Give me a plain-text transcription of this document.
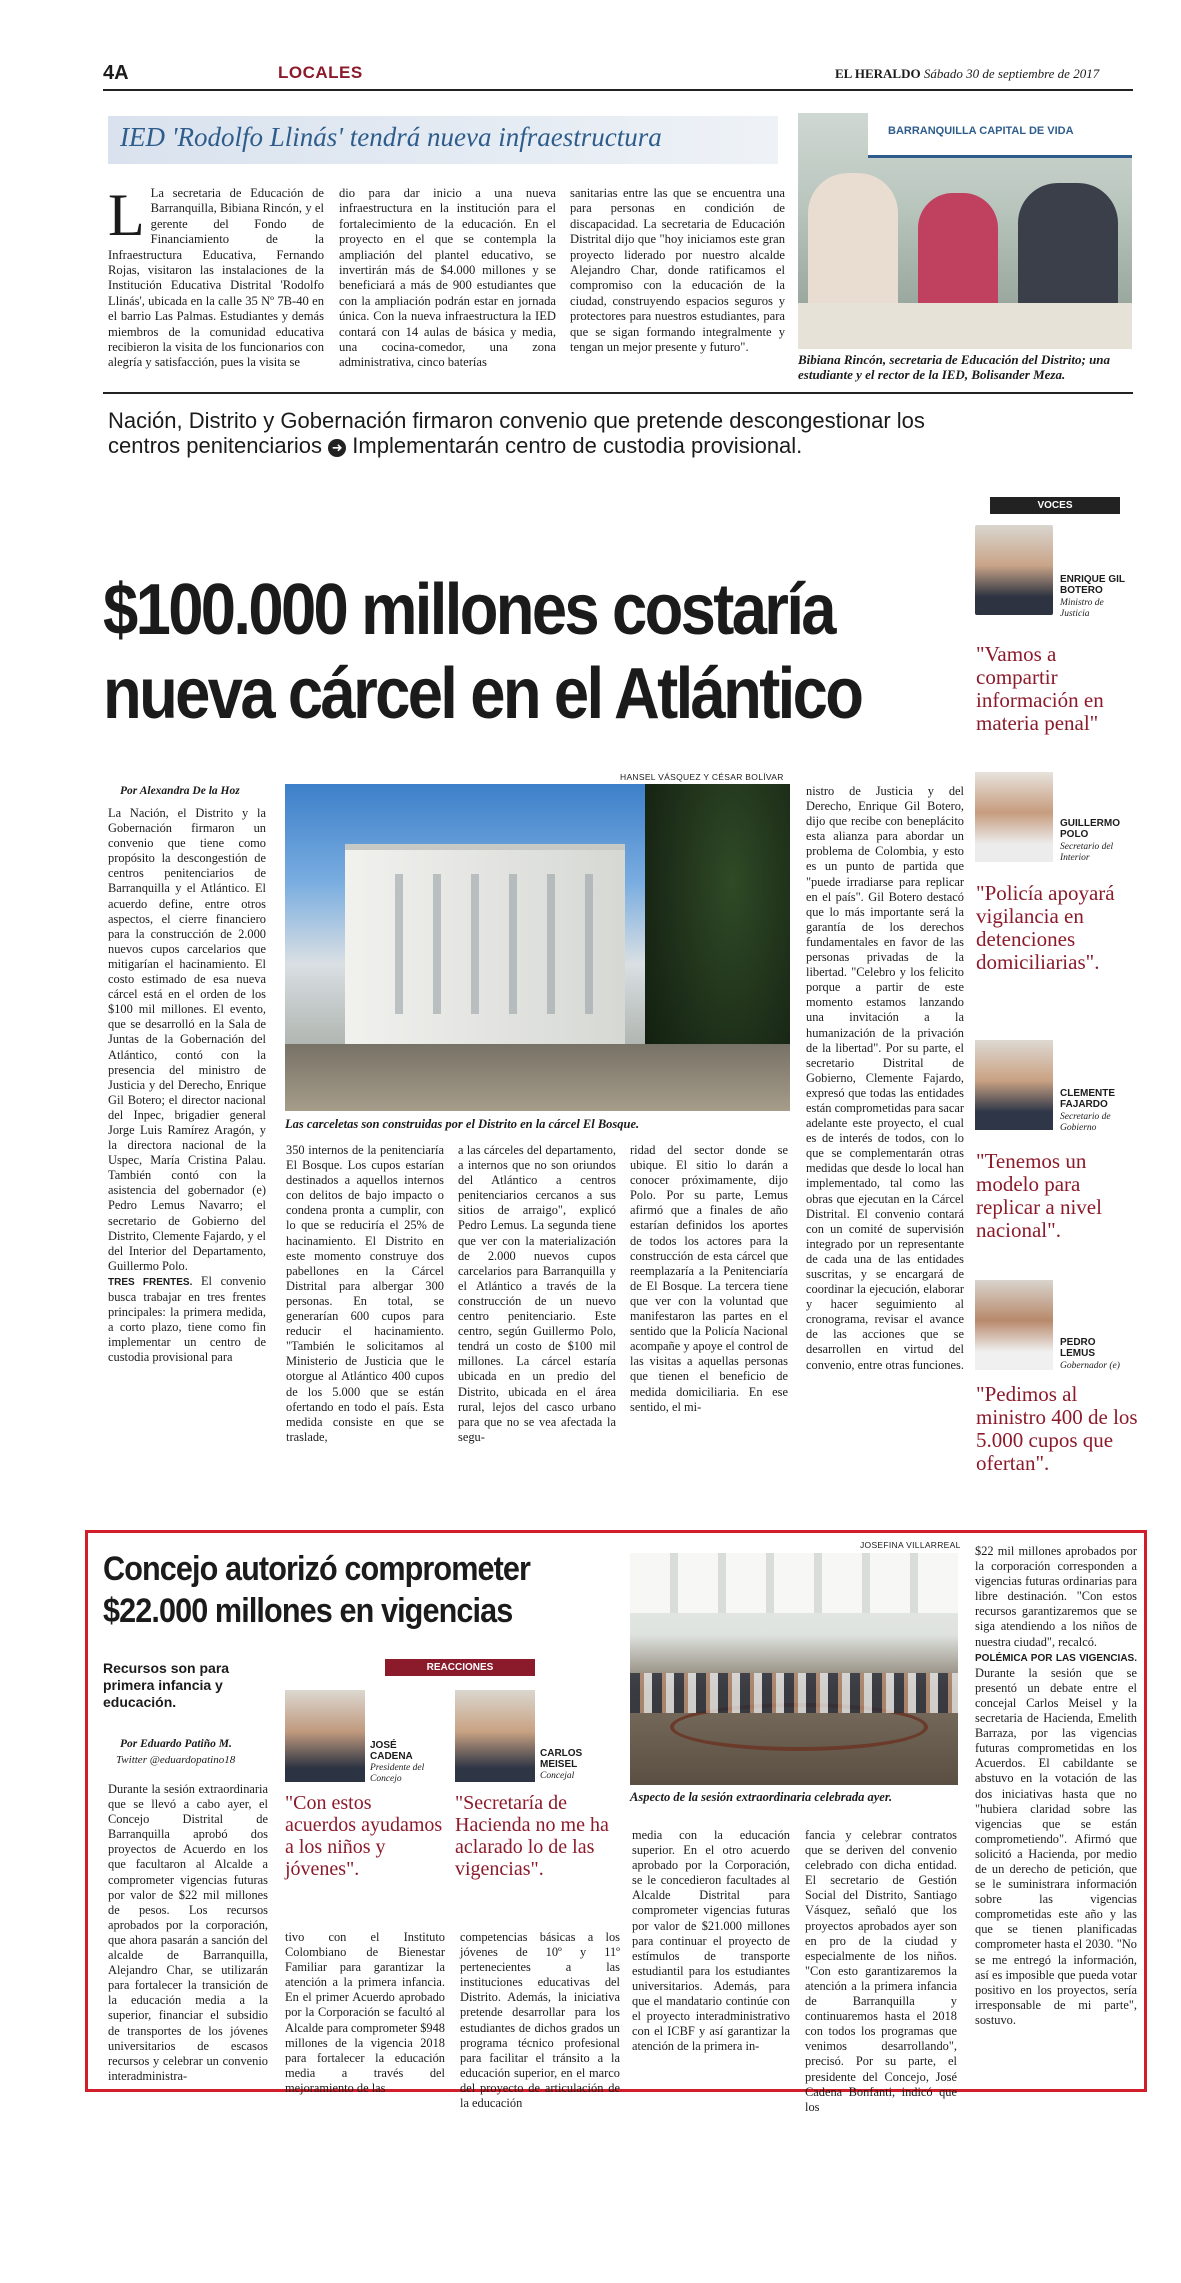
4A	LOCALES	EL HERALDO Sábado 30 de septiembre de 2017
IED 'Rodolfo Llinás' tendrá nueva infraestructura
L La secretaria de Educación de Barranquilla, Bibiana Rincón, y el gerente del Fondo de Financiamiento de la Infraestructura Educativa, Fernando Rojas, visitaron las instalaciones de la Institución Educativa Distrital 'Rodolfo Llinás', ubicada en la calle 35 Nº 7B-40 en el barrio Las Palmas. Estudiantes y demás miembros de la comunidad educativa recibieron la visita de los funcionarios con alegría y satisfacción, pues la visita se
dio para dar inicio a una nueva infraestructura en la institución para el fortalecimiento de la educación. En el proyecto en el que se contempla la ampliación del plantel educativo, se invertirán más de $4.000 millones y se beneficiará a más de 900 estudiantes que con la ampliación podrán estar en jornada única. Con la nueva infraestructura la IED contará con 14 aulas de básica y media, una cocina-comedor, una zona administrativa, cinco baterías
sanitarias entre las que se encuentra una para personas en condición de discapacidad. La secretaria de Educación Distrital dijo que "hoy iniciamos este gran proyecto liderado por nuestro alcalde Alejandro Char, donde ratificamos el compromiso con la educación de la ciudad, construyendo espacios seguros y protectores para nuestros estudiantes, para que se sigan formando integralmente y tengan un mejor presente y futuro".
BARRANQUILLA CAPITAL DE VIDA
Bibiana Rincón, secretaria de Educación del Distrito; una estudiante y el rector de la IED, Bolisander Meza.
Nación, Distrito y Gobernación firmaron convenio que pretende descongestionar los centros penitenciarios ➜ Implementarán centro de custodia provisional.
$100.000 millones costaría
nueva cárcel en el Atlántico
Por Alexandra De la Hoz
HANSEL VÁSQUEZ Y CÉSAR BOLÍVAR
La Nación, el Distrito y la Gobernación firmaron un convenio que tiene como propósito la descongestión de centros penitenciarios de Barranquilla y el Atlántico. El acuerdo define, entre otros aspectos, el cierre financiero para la construcción de 2.000 nuevos cupos carcelarios que mitigarían el hacinamiento. El costo estimado de esa nueva cárcel está en el orden de los $100 mil millones. El evento, que se desarrolló en la Sala de Juntas de la Gobernación del Atlántico, contó con la presencia del ministro de Justicia y del Derecho, Enrique Gil Botero; el director nacional del Inpec, brigadier general Jorge Luis Ramírez Aragón, y la directora nacional de la Uspec, María Cristina Palau. También contó con la asistencia del gobernador (e) Pedro Lemus Navarro; el secretario de Gobierno del Distrito, Clemente Fajardo, y el del Interior del Departamento, Guillermo Polo.
TRES FRENTES. El convenio busca trabajar en tres frentes principales: la primera medida, a corto plazo, tiene como fin implementar un centro de custodia provisional para
Las carceletas son construidas por el Distrito en la cárcel El Bosque.
350 internos de la penitenciaría El Bosque. Los cupos estarían destinados a aquellos internos con delitos de bajo impacto o condena pronta a cumplir, con lo que se reduciría el 25% de hacinamiento. El Distrito en este momento construye dos pabellones en la Cárcel Distrital para albergar 300 personas. En total, se generarían 600 cupos para reducir el hacinamiento. "También le solicitamos al Ministerio de Justicia que le otorgue al Atlántico 400 cupos de los 5.000 que se están ofertando en todo el país. Esta medida consiste en que se traslade,
a las cárceles del departamento, a internos que no son oriundos del Atlántico a centros penitenciarios cercanos a sus sitios de arraigo", explicó Pedro Lemus. La segunda tiene que ver con la materialización de 2.000 nuevos cupos carcelarios para Barranquilla y el Atlántico a través de la construcción de un nuevo centro penitenciario. Este centro, según Guillermo Polo, tendrá un costo de $100 mil millones. La cárcel estaría ubicada en un predio del Distrito, ubicada en el área rural, lejos del casco urbano para que no se vea afectada la segu-
ridad del sector donde se ubique. El sitio lo darán a conocer próximamente, dijo Polo. Por su parte, Lemus afirmó que a finales de año estarían definidos los aportes de todos los actores para la construcción de esta cárcel que reemplazaría a la Penitenciaría de El Bosque. La tercera tiene que ver con la voluntad que manifestaron las partes en el sentido que la Policía Nacional acompañe y apoye el control de las visitas a aquellas personas que tienen el beneficio de medida domiciliaria. En ese sentido, el mi-
nistro de Justicia y del Derecho, Enrique Gil Botero, dijo que recibe con beneplácito esta alianza para abordar un problema de Colombia, y esto es un punto de partida que "puede irradiarse para replicar en el país". Gil Botero destacó que lo más importante será la garantía de los derechos fundamentales en favor de las personas privadas de la libertad. "Celebro y los felicito porque a partir de este momento estamos lanzando una invitación a la humanización de la privación de la libertad". Por su parte, el secretario Distrital de Gobierno, Clemente Fajardo, expresó que todas las entidades están comprometidas para sacar adelante este proyecto, el cual es de interés de todos, con lo que se complementarán otras medidas que desde lo local han implementado, tal como las obras que ejecutan en la Cárcel Distrital. El convenio contará con un comité de supervisión integrado por un representante de cada una de las entidades suscritas, y se encargará de coordinar la ejecución, elaborar y hacer seguimiento al cronograma, revisar el avance de las acciones que se desarrollen en virtud del convenio, entre otras funciones.
VOCES
ENRIQUE GIL BOTERO
Ministro de Justicia
"Vamos a compartir información en materia penal"
GUILLERMO POLO
Secretario del Interior
"Policía apoyará vigilancia en detenciones domiciliarias".
CLEMENTE FAJARDO
Secretario de Gobierno
"Tenemos un modelo para replicar a nivel nacional".
PEDRO LEMUS
Gobernador (e)
"Pedimos al ministro 400 de los 5.000 cupos que ofertan".
Concejo autorizó comprometer
$22.000 millones en vigencias
Recursos son para primera infancia y educación.
Por Eduardo Patiño M.
Twitter @eduardopatino18
REACCIONES
JOSÉ CADENA
Presidente del Concejo
"Con estos acuerdos ayudamos a los niños y jóvenes".
CARLOS MEISEL
Concejal
"Secretaría de Hacienda no me ha aclarado lo de las vigencias".
JOSEFINA VILLARREAL
Aspecto de la sesión extraordinaria celebrada ayer.
Durante la sesión extraordinaria que se llevó a cabo ayer, el Concejo Distrital de Barranquilla aprobó dos proyectos de Acuerdo en los que facultaron al Alcalde a comprometer vigencias futuras por valor de $22 mil millones de pesos. Los recursos aprobados por la corporación, que ahora pasarán a sanción del alcalde de Barranquilla, Alejandro Char, se utilizarán para fortalecer la transición de la educación media a la superior, financiar el subsidio de transportes de los jóvenes universitarios de escasos recursos y celebrar un convenio interadministra-
tivo con el Instituto Colombiano de Bienestar Familiar para garantizar la atención a la primera infancia. En el primer Acuerdo aprobado por la Corporación se facultó al Alcalde para comprometer $948 millones de la vigencia 2018 para fortalecer la educación media a través del mejoramiento de las
competencias básicas a los jóvenes de 10º y 11º pertenecientes a las instituciones educativas del Distrito. Además, la iniciativa pretende desarrollar para los estudiantes de dichos grados un programa técnico profesional para facilitar el tránsito a la educación superior, en el marco del proyecto de articulación de la educación
media con la educación superior. En el otro acuerdo aprobado por la Corporación, se le concedieron facultades al Alcalde Distrital para comprometer vigencias futuras por valor de $21.000 millones para continuar el proyecto de estímulos de transporte estudiantil para los estudiantes universitarios. Además, para que el mandatario continúe con el proyecto interadministrativo con el ICBF y así garantizar la atención de la primera in-
fancia y celebrar contratos que se deriven del convenio celebrado con dicha entidad. El secretario de Gestión Social del Distrito, Santiago Vásquez, señaló que los proyectos aprobados ayer son en pro de la ciudad y especialmente de los niños. "Con esto garantizaremos la atención a la primera infancia de Barranquilla y continuaremos hasta el 2018 con todos los programas que venimos desarrollando", precisó. Por su parte, el presidente del Concejo, José Cadena Bonfanti, indicó que los
$22 mil millones aprobados por la corporación corresponden a vigencias futuras ordinarias para libre destinación. "Con estos recursos garantizaremos que se siga atendiendo a los niños de nuestra ciudad", recalcó.
POLÉMICA POR LAS VIGENCIAS. Durante la sesión que se presentó un debate entre el concejal Carlos Meisel y la secretaria de Hacienda, Emelith Barraza, por las vigencias futuras comprometidas en los Acuerdos. El cabildante se abstuvo en la votación de las dos iniciativas hasta que no "hubiera claridad sobre las vigencias que se están comprometiendo". Afirmó que solicitó a Hacienda, por medio de un derecho de petición, que se le suministrara información sobre las vigencias comprometidas este año y las que se tienen planificadas comprometer hasta el 2030. "No se me entregó la información, así es imposible que pueda votar positivo en los proyectos, sería irresponsable de mi parte", sostuvo.
